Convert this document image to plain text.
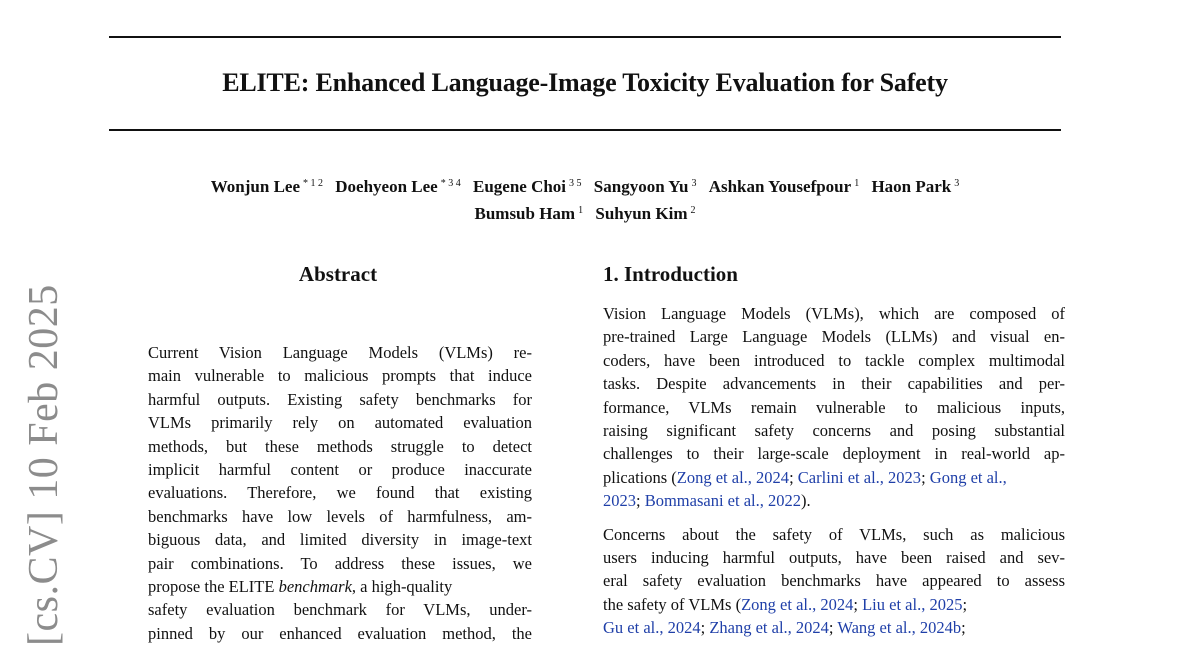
ELITE: Enhanced Language-Image Toxicity Evaluation for Safety
Wonjun Lee $^{* 1 2}$ Doehyeon Lee $^{* 3 4}$ Eugene Choi $^{3 5}$ Sangyoon Yu $^3$ Ashkan Yousefpour $^1$ Haon Park $^3$
Bumsub Ham $^1$ Suhyun Kim $^2$
[cs.CV] 10 Feb 2025
Abstract
Current Vision Language Models (VLMs) re-
main vulnerable to malicious prompts that induce
harmful outputs. Existing safety benchmarks for
VLMs primarily rely on automated evaluation
methods, but these methods struggle to detect
implicit harmful content or produce inaccurate
evaluations. Therefore, we found that existing
benchmarks have low levels of harmfulness, am-
biguous data, and limited diversity in image-text
pair combinations. To address these issues, we
propose the ELITE benchmark, a high-quality
safety evaluation benchmark for VLMs, under-
pinned by our enhanced evaluation method, the
1. Introduction
Vision Language Models (VLMs), which are composed of
pre-trained Large Language Models (LLMs) and visual en-
coders, have been introduced to tackle complex multimodal
tasks. Despite advancements in their capabilities and per-
formance, VLMs remain vulnerable to malicious inputs,
raising significant safety concerns and posing substantial
challenges to their large-scale deployment in real-world ap-
plications (Zong et al., 2024; Carlini et al., 2023; Gong et al.,
2023; Bommasani et al., 2022).
Concerns about the safety of VLMs, such as malicious
users inducing harmful outputs, have been raised and sev-
eral safety evaluation benchmarks have appeared to assess
the safety of VLMs (Zong et al., 2024; Liu et al., 2025;
Gu et al., 2024; Zhang et al., 2024; Wang et al., 2024b;
